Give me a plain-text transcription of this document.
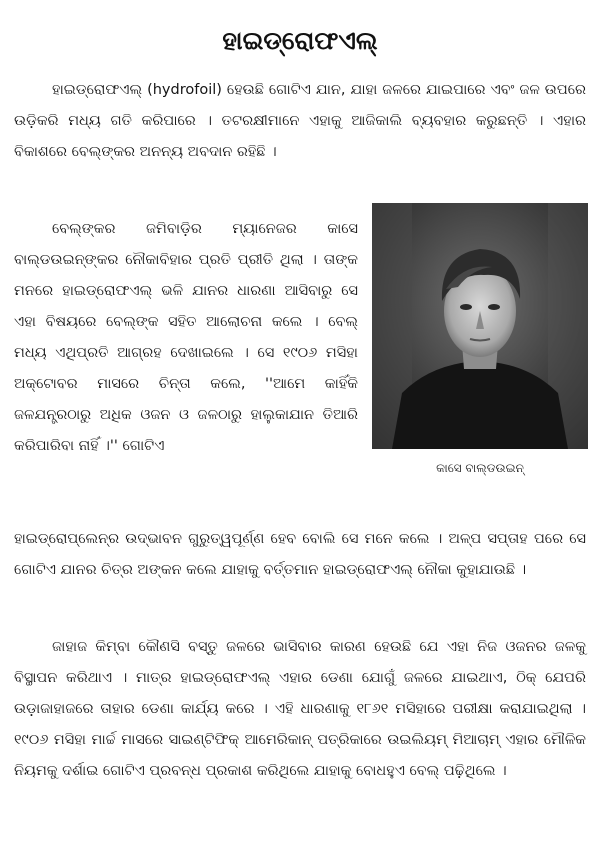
ହାଇଡ୍ରୋଫଏଲ୍

ହାଇଡ୍ରୋଫଏଲ୍ (hydrofoil) ହେଉଛି ଗୋଟିଏ ଯାନ, ଯାହା ଜଳରେ ଯାଇପାରେ ଏବଂ ଜଳ ଉପରେ ଉଡ଼ିକରି ମଧ୍ୟ ଗତି କରିପାରେ । ତଟରକ୍ଷୀମାନେ ଏହାକୁ ଆଜିକାଲି ବ୍ୟବହାର କରୁଛନ୍ତି । ଏହାର ବିକାଶରେ ବେଲ୍‌ଙ୍କର ଅନନ୍ୟ ଅବଦାନ ରହିଛି ।

ବେଲ୍‌ଙ୍କର ଜମିବାଡ଼ିର ମ୍ୟାନେଜର କାସେ ବାଲ୍‌ଡଉଇନ୍‌ଙ୍କର ନୌକାବିହାର ପ୍ରତି ପ୍ରୀତି ଥିଲା । ତାଙ୍କ ମନରେ ହାଇଡ୍ରୋଫଏଲ୍ ଭଳି ଯାନର ଧାରଣା ଆସିବାରୁ ସେ ଏହା ବିଷୟରେ ବେଲ୍‌ଙ୍କ ସହିତ ଆଲୋଚନା କଲେ । ବେଲ୍ ମଧ୍ୟ ଏଥିପ୍ରତି ଆଗ୍ରହ ଦେଖାଇଲେ । ସେ ୧୯୦୬ ମସିହା ଅକ୍ଟୋବର ମାସରେ ଚିନ୍ତା କଲେ, ''ଆମେ କାହିଁକି ଜଳଯନ୍ତ୍ରଠାରୁ ଅଧିକ ଓଜନ ଓ ଜଳଠାରୁ ହାଲୁକାଯାନ ତିଆରି କରିପାରିବା ନାହିଁ ।'' ଗୋଟିଏ

କାସେ ବାଲ୍‌ଡଉଇନ୍

ହାଇଡ୍ରୋପ୍ଲେନ୍‌ର ଉଦ୍ଭାବନ ଗୁରୁତ୍ୱପୂର୍ଣ୍ଣ ହେବ ବୋଲି ସେ ମନେ କଲେ । ଅଳ୍ପ ସପ୍ତାହ ପରେ ସେ ଗୋଟିଏ ଯାନର ଚିତ୍ର ଅଙ୍କନ କଲେ ଯାହାକୁ ବର୍ତ୍ତମାନ ହାଇଡ୍ରୋଫଏଲ୍ ନୌକା କୁହାଯାଉଛି ।

ଜାହାଜ କିମ୍ବା କୌଣସି ବସ୍ତୁ ଜଳରେ ଭାସିବାର କାରଣ ହେଉଛି ଯେ ଏହା ନିଜ ଓଜନର ଜଳକୁ ବିସ୍ଥାପନ କରିଥାଏ । ମାତ୍ର ହାଇଡ୍ରୋଫଏଲ୍ ଏହାର ଡେଣା ଯୋଗୁଁ ଜଳରେ ଯାଇଥାଏ, ଠିକ୍ ଯେପରି ଉଡ଼ାଜାହାଜରେ ତାହାର ଡେଣା କାର୍ଯ୍ୟ କରେ । ଏହି ଧାରଣାକୁ ୧୮୬୧ ମସିହାରେ ପରୀକ୍ଷା କରାଯାଇଥିଲା । ୧୯୦୬ ମସିହା ମାର୍ଚ୍ଚ ମାସରେ ସାଇଣ୍ଟିଫିକ୍ ଆମେରିକାନ୍ ପତ୍ରିକାରେ ଉଇଲିୟମ୍ ମିଆଚାମ୍ ଏହାର ମୌଳିକ ନିୟମକୁ ଦର୍ଶାଇ ଗୋଟିଏ ପ୍ରବନ୍ଧ ପ୍ରକାଶ କରିଥିଲେ ଯାହାକୁ ବୋଧହୁଏ ବେଲ୍ ପଢ଼ିଥିଲେ ।
